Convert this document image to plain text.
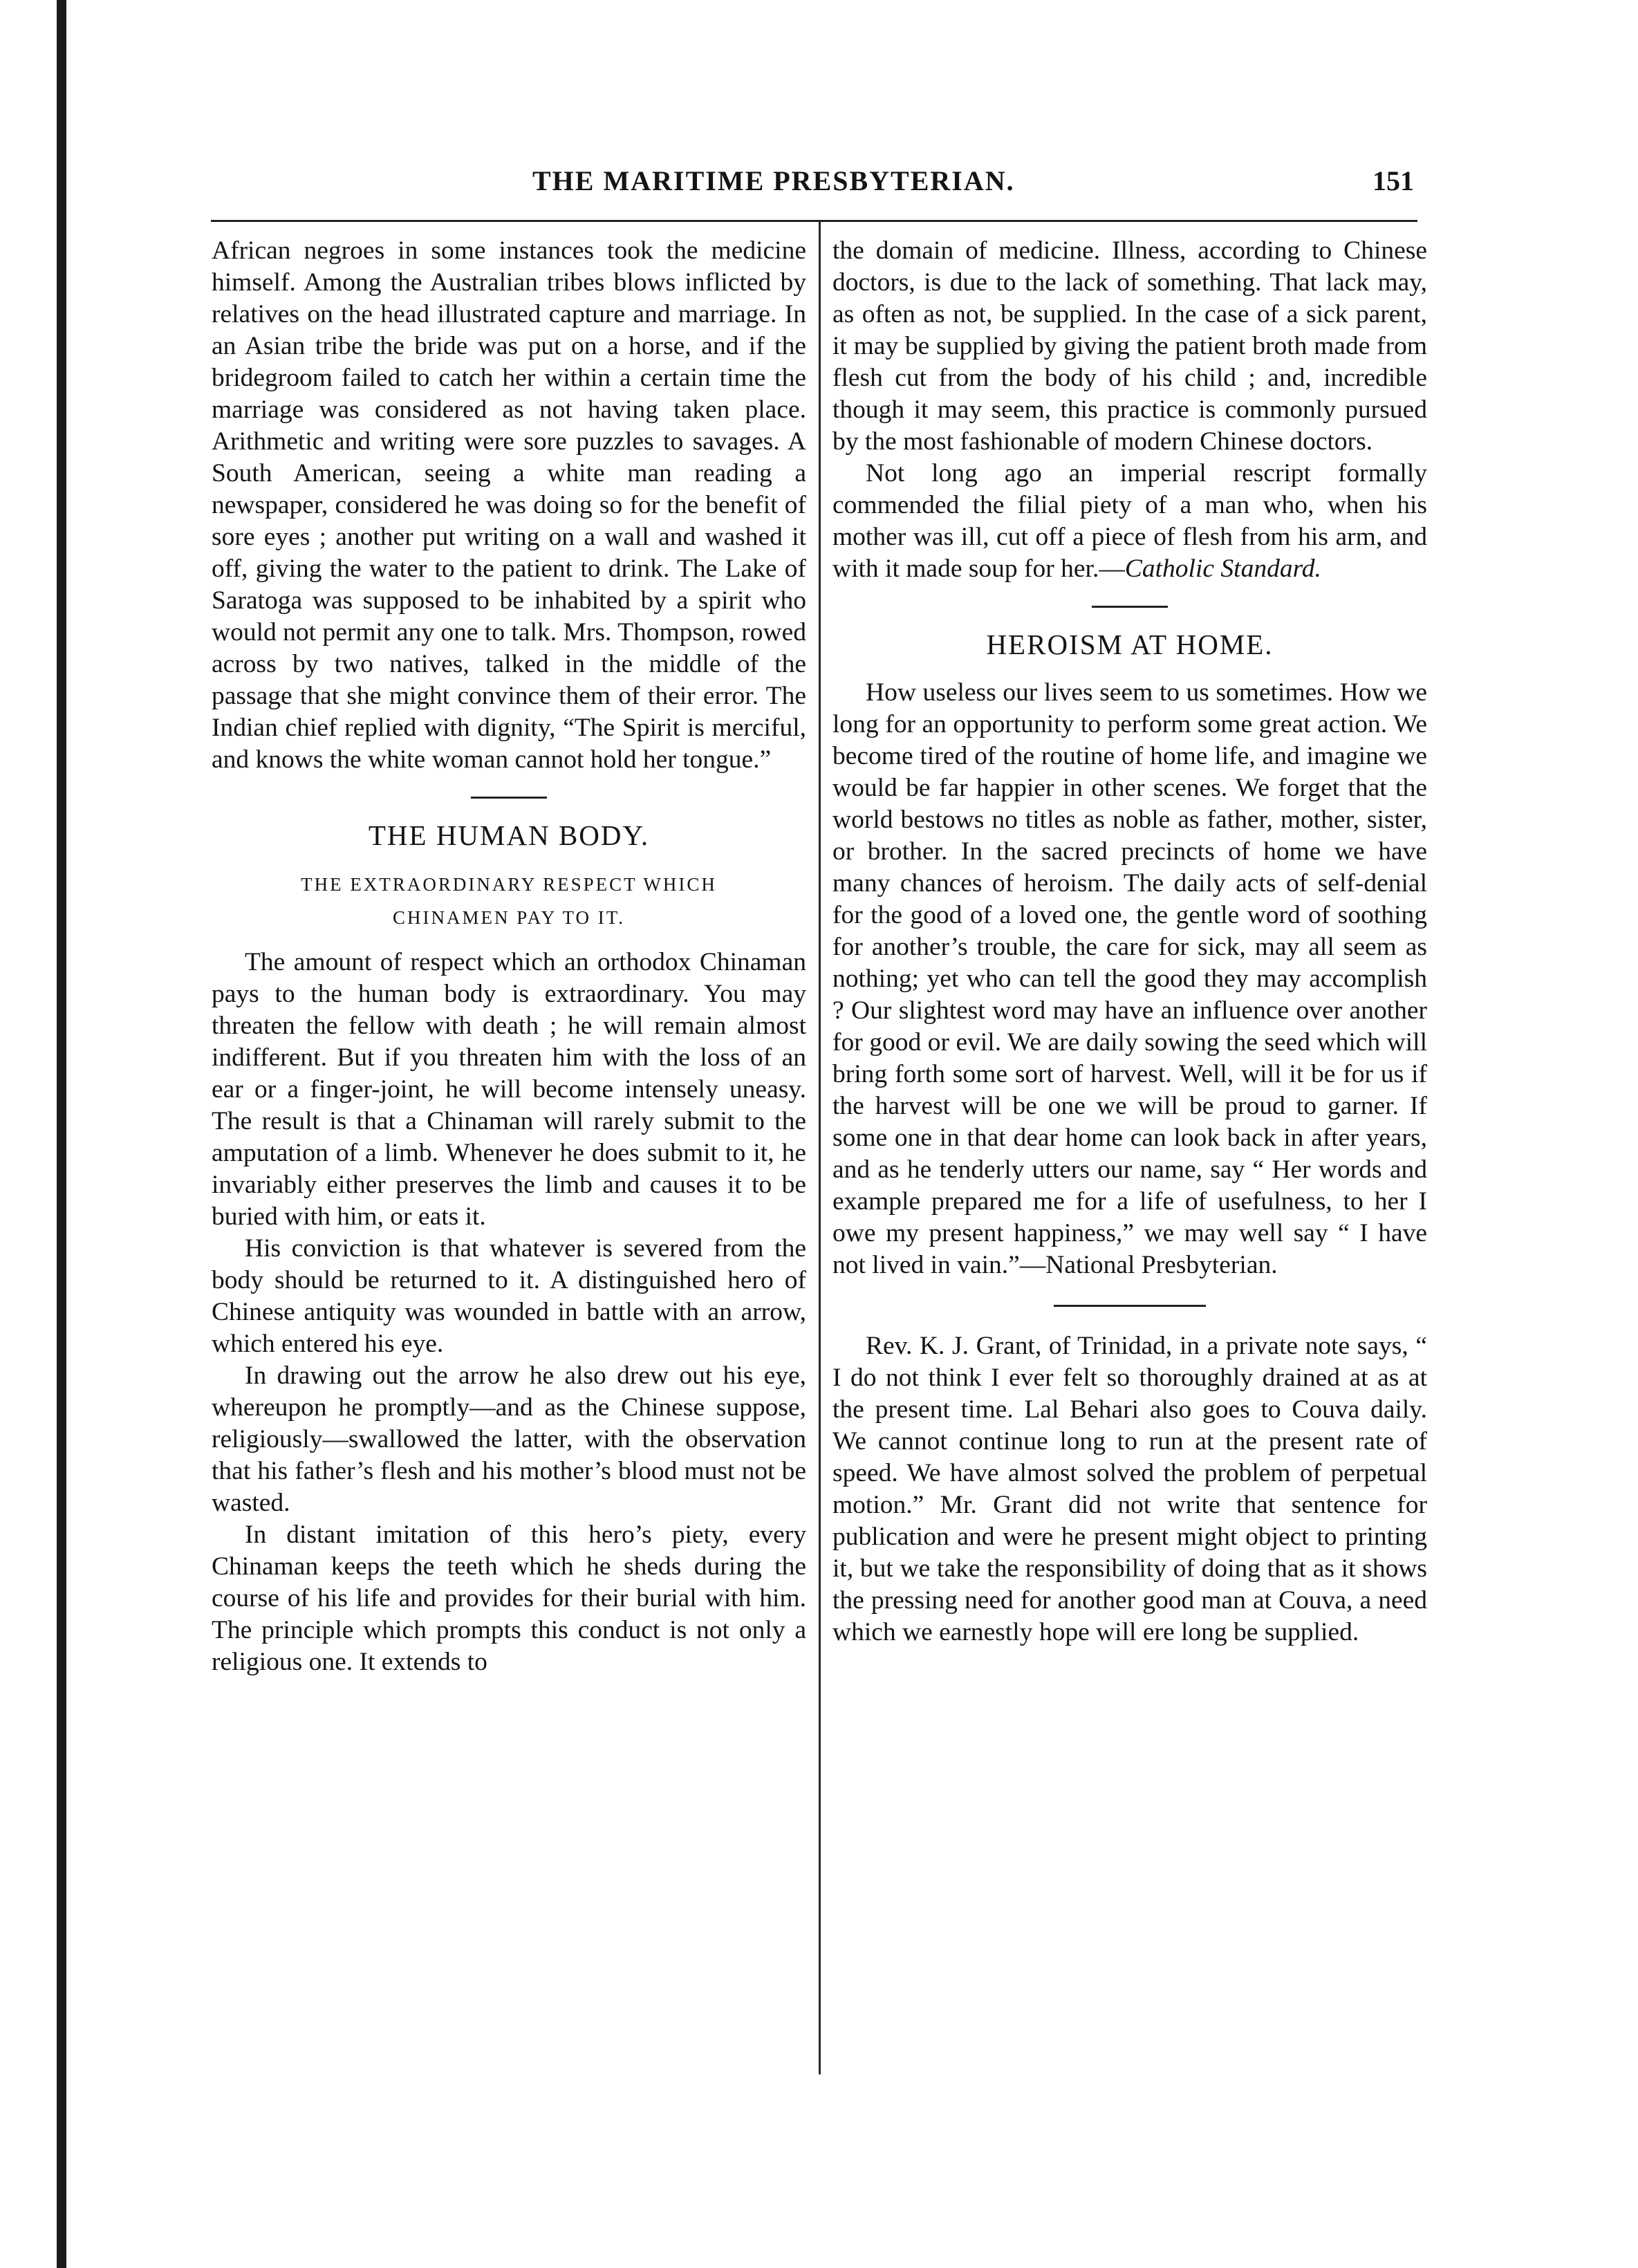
THE MARITIME PRESBYTERIAN.	151

African negroes in some instances took the medicine himself. Among the Australian tribes blows inflicted by relatives on the head illustrated capture and marriage. In an Asian tribe the bride was put on a horse, and if the bridegroom failed to catch her within a certain time the marriage was considered as not having taken place. Arithmetic and writing were sore puzzles to savages. A South American, seeing a white man reading a newspaper, considered he was doing so for the benefit of sore eyes ; another put writing on a wall and washed it off, giving the water to the patient to drink. The Lake of Saratoga was supposed to be inhabited by a spirit who would not permit any one to talk. Mrs. Thompson, rowed across by two natives, talked in the middle of the passage that she might convince them of their error. The Indian chief replied with dignity, “The Spirit is merciful, and knows the white woman cannot hold her tongue.”

THE HUMAN BODY.
THE EXTRAORDINARY RESPECT WHICH
CHINAMEN PAY TO IT.

The amount of respect which an orthodox Chinaman pays to the human body is extraordinary. You may threaten the fellow with death ; he will remain almost indifferent. But if you threaten him with the loss of an ear or a finger-joint, he will become intensely uneasy. The result is that a Chinaman will rarely submit to the amputation of a limb. Whenever he does submit to it, he invariably either preserves the limb and causes it to be buried with him, or eats it.

His conviction is that whatever is severed from the body should be returned to it. A distinguished hero of Chinese antiquity was wounded in battle with an arrow, which entered his eye.

In drawing out the arrow he also drew out his eye, whereupon he promptly—and as the Chinese suppose, religiously—swallowed the latter, with the observation that his father’s flesh and his mother’s blood must not be wasted.

In distant imitation of this hero’s piety, every Chinaman keeps the teeth which he sheds during the course of his life and provides for their burial with him. The principle which prompts this conduct is not only a religious one. It extends to

the domain of medicine. Illness, according to Chinese doctors, is due to the lack of something. That lack may, as often as not, be supplied. In the case of a sick parent, it may be supplied by giving the patient broth made from flesh cut from the body of his child ; and, incredible though it may seem, this practice is commonly pursued by the most fashionable of modern Chinese doctors.

Not long ago an imperial rescript formally commended the filial piety of a man who, when his mother was ill, cut off a piece of flesh from his arm, and with it made soup for her.—Catholic Standard.

HEROISM AT HOME.

How useless our lives seem to us sometimes. How we long for an opportunity to perform some great action. We become tired of the routine of home life, and imagine we would be far happier in other scenes. We forget that the world bestows no titles as noble as father, mother, sister, or brother. In the sacred precincts of home we have many chances of heroism. The daily acts of self-denial for the good of a loved one, the gentle word of soothing for another’s trouble, the care for sick, may all seem as nothing; yet who can tell the good they may accomplish ? Our slightest word may have an influence over another for good or evil. We are daily sowing the seed which will bring forth some sort of harvest. Well, will it be for us if the harvest will be one we will be proud to garner. If some one in that dear home can look back in after years, and as he tenderly utters our name, say “ Her words and example prepared me for a life of usefulness, to her I owe my present happiness,” we may well say “ I have not lived in vain.”—National Presbyterian.

Rev. K. J. Grant, of Trinidad, in a private note says, “ I do not think I ever felt so thoroughly drained at as at the present time. Lal Behari also goes to Couva daily. We cannot continue long to run at the present rate of speed. We have almost solved the problem of perpetual motion.” Mr. Grant did not write that sentence for publication and were he present might object to printing it, but we take the responsibility of doing that as it shows the pressing need for another good man at Couva, a need which we earnestly hope will ere long be supplied.
